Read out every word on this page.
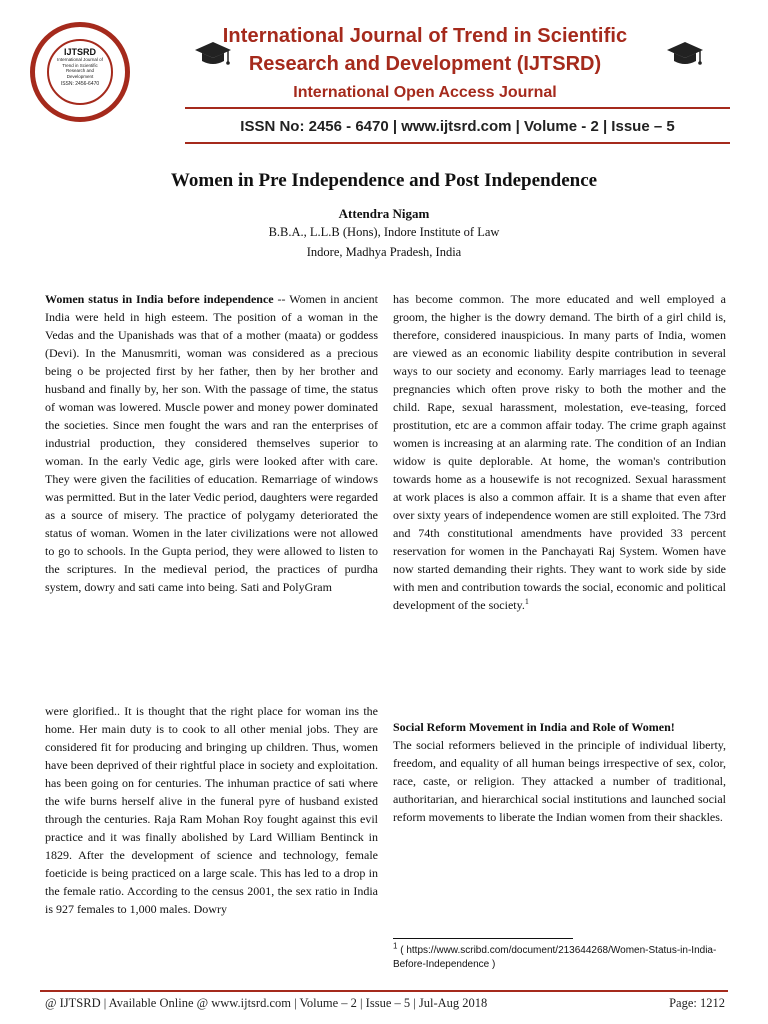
IJTSRD
International Journal of Trend in Scientific Research and Development
ISSN: 2456-6470
International Journal of Trend in Scientific
Research and Development (IJTSRD)
International Open Access Journal
ISSN No: 2456 - 6470 | www.ijtsrd.com | Volume - 2 | Issue – 5
Women in Pre Independence and Post Independence
Attendra Nigam
B.B.A., L.L.B (Hons), Indore Institute of Law
Indore, Madhya Pradesh, India

Women status in India before independence -- Women in ancient India were held in high esteem. The position of a woman in the Vedas and the Upanishads was that of a mother (maata) or goddess (Devi). In the Manusmriti, woman was considered as a precious being o be projected first by her father, then by her brother and husband and finally by, her son. With the passage of time, the status of woman was lowered. Muscle power and money power dominated the societies. Since men fought the wars and ran the enterprises of industrial production, they considered themselves superior to woman. In the early Vedic age, girls were looked after with care. They were given the facilities of education. Remarriage of windows was permitted. But in the later Vedic period, daughters were regarded as a source of misery. The practice of polygamy deteriorated the status of woman. Women in the later civilizations were not allowed to go to schools. In the Gupta period, they were allowed to listen to the scriptures. In the medieval period, the practices of purdha system, dowry and sati came into being. Sati and PolyGram

were glorified.. It is thought that the right place for woman ins the home. Her main duty is to cook to all other menial jobs. They are considered fit for producing and bringing up children. Thus, women have been deprived of their rightful place in society and exploitation. has been going on for centuries. The inhuman practice of sati where the wife burns herself alive in the funeral pyre of husband existed through the centuries. Raja Ram Mohan Roy fought against this evil practice and it was finally abolished by Lard William Bentinck in 1829. After the development of science and technology, female foeticide is being practiced on a large scale. This has led to a drop in the female ratio. According to the census 2001, the sex ratio in India is 927 females to 1,000 males. Dowry

has become common. The more educated and well employed a groom, the higher is the dowry demand. The birth of a girl child is, therefore, considered inauspicious. In many parts of India, women are viewed as an economic liability despite contribution in several ways to our society and economy. Early marriages lead to teenage pregnancies which often prove risky to both the mother and the child. Rape, sexual harassment, molestation, eve-teasing, forced prostitution, etc are a common affair today. The crime graph against women is increasing at an alarming rate. The condition of an Indian widow is quite deplorable. At home, the woman's contribution towards home as a housewife is not recognized. Sexual harassment at work places is also a common affair. It is a shame that even after over sixty years of independence women are still exploited. The 73rd and 74th constitutional amendments have provided 33 percent reservation for women in the Panchayati Raj System. Women have now started demanding their rights. They want to work side by side with men and contribution towards the social, economic and political development of the society.$^1$

Social Reform Movement in India and Role of Women!

The social reformers believed in the principle of individual liberty, freedom, and equality of all human beings irrespective of sex, color, race, caste, or religion. They attacked a number of traditional, authoritarian, and hierarchical social institutions and launched social reform movements to liberate the Indian women from their shackles.

$^1$ ( https://www.scribd.com/document/213644268/Women-Status-in-India-Before-Independence )
@ IJTSRD | Available Online @ www.ijtsrd.com | Volume – 2 | Issue – 5 | Jul-Aug 2018	Page: 1212
